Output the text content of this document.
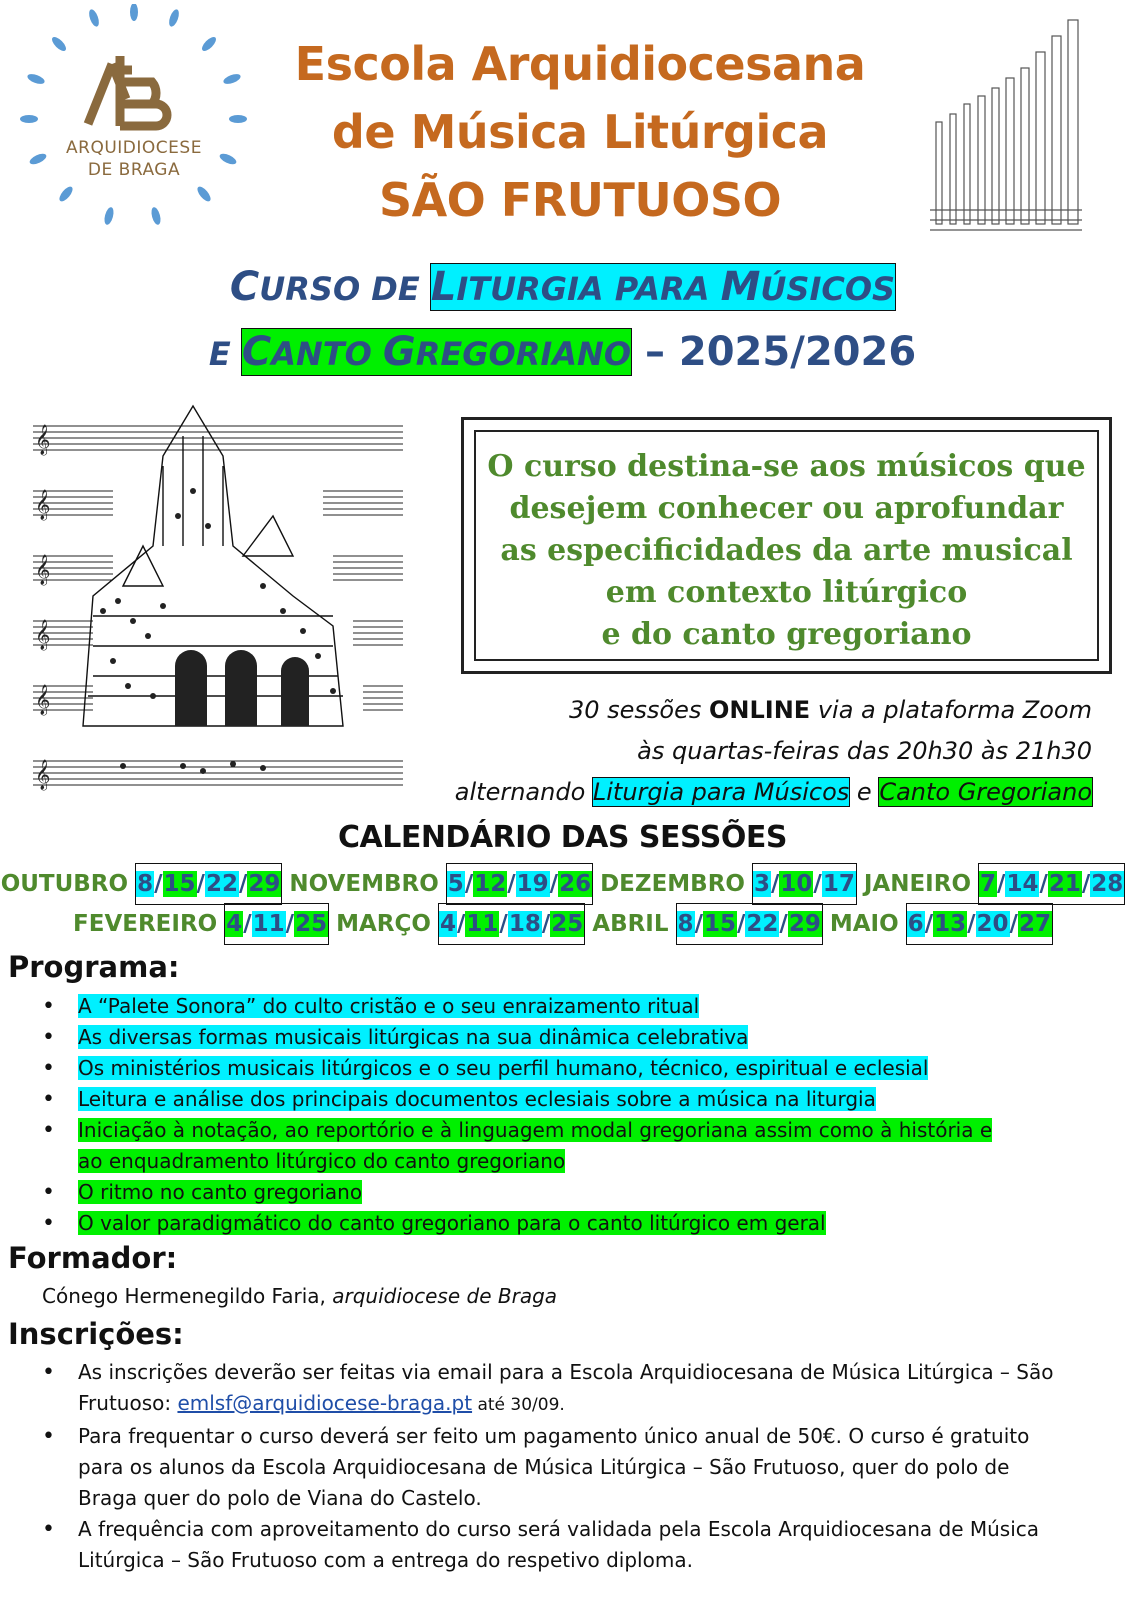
ARQUIDIOCESE
DE BRAGA
Escola Arquidiocesana
de Música Litúrgica
SÃO FRUTUOSO
CURSO DE LITURGIA PARA MÚSICOS
E CANTO GREGORIANO – 2025/2026
𝄞
𝄞
𝄞
𝄞
𝄞
𝄞
O curso destina-se aos músicos que
desejem conhecer ou aprofundar
as especificidades da arte musical
em contexto litúrgico
e do canto gregoriano
30 sessões ONLINE via a plataforma Zoom
às quartas-feiras das 20h30 às 21h30
alternando Liturgia para Músicos e Canto Gregoriano
CALENDÁRIO DAS SESSÕES
OUTUBRO 8/15/22/29 NOVEMBRO 5/12/19/26 DEZEMBRO 3/10/17 JANEIRO 7/14/21/28
FEVEREIRO 4/11/25 MARÇO 4/11/18/25 ABRIL 8/15/22/29 MAIO 6/13/20/27
Programa:
• A “Palete Sonora” do culto cristão e o seu enraizamento ritual
• As diversas formas musicais litúrgicas na sua dinâmica celebrativa
• Os ministérios musicais litúrgicos e o seu perfil humano, técnico, espiritual e eclesial
• Leitura e análise dos principais documentos eclesiais sobre a música na liturgia
• Iniciação à notação, ao reportório e à linguagem modal gregoriana assim como à história e ao enquadramento litúrgico do canto gregoriano
• O ritmo no canto gregoriano
• O valor paradigmático do canto gregoriano para o canto litúrgico em geral
Formador:
Cónego Hermenegildo Faria, arquidiocese de Braga
Inscrições:
• As inscrições deverão ser feitas via email para a Escola Arquidiocesana de Música Litúrgica – São Frutuoso: emlsf@arquidiocese-braga.pt até 30/09.
• Para frequentar o curso deverá ser feito um pagamento único anual de 50€. O curso é gratuito para os alunos da Escola Arquidiocesana de Música Litúrgica – São Frutuoso, quer do polo de Braga quer do polo de Viana do Castelo.
• A frequência com aproveitamento do curso será validada pela Escola Arquidiocesana de Música Litúrgica – São Frutuoso com a entrega do respetivo diploma.
